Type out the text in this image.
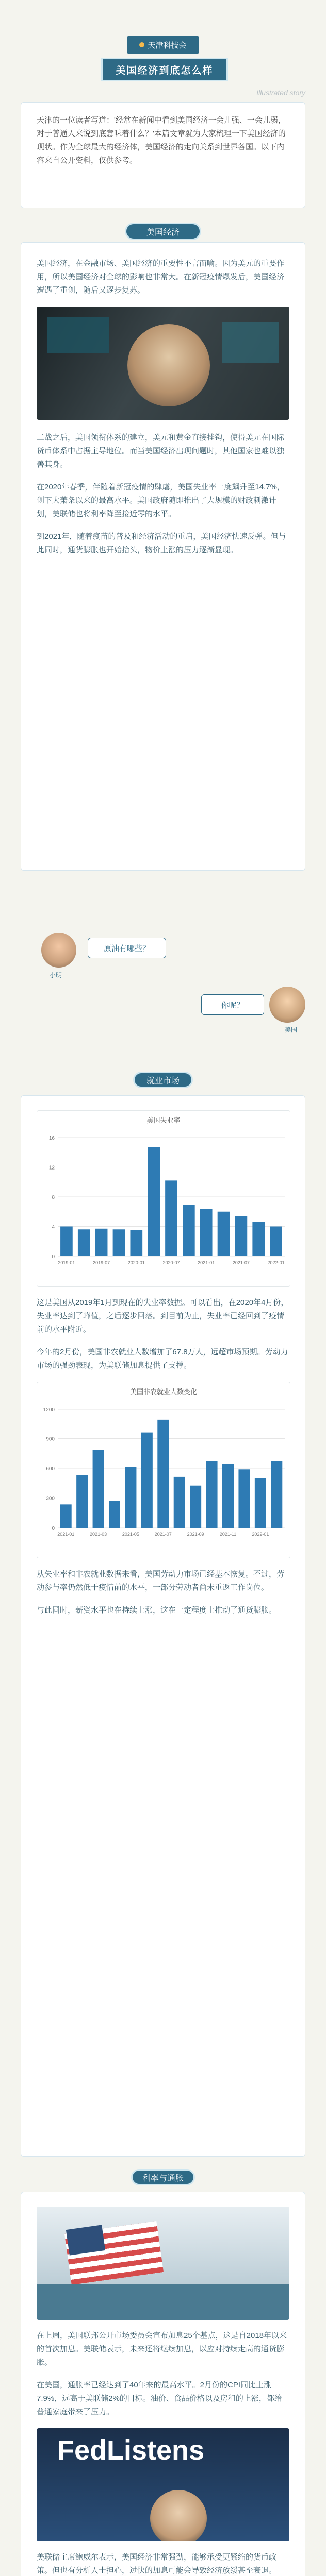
天津科技会
美国经济到底怎么样
Illustrated story
天津的一位读者写道：'经常在新闻中看到美国经济一会儿强、一会儿弱，对于普通人来说到底意味着什么？'本篇文章就为大家梳理一下美国经济的现状。作为全球最大的经济体，美国经济的走向关系到世界各国。以下内容来自公开资料，仅供参考。
美国经济

美国经济，在金融市场、美国经济的重要性不言而喻。因为美元的重要作用，所以美国经济对全球的影响也非常大。在新冠疫情爆发后，美国经济遭遇了重创，随后又逐步复苏。

二战之后，美国领衔体系的建立，美元和黄金直接挂钩，使得美元在国际货币体系中占据主导地位。而当美国经济出现问题时，其他国家也难以独善其身。

在2020年春季，伴随着新冠疫情的肆虐，美国失业率一度飙升至14.7%，创下大萧条以来的最高水平。美国政府随即推出了大规模的财政刺激计划，美联储也将利率降至接近零的水平。

到2021年，随着疫苗的普及和经济活动的重启，美国经济快速反弹。但与此同时，通货膨胀也开始抬头，物价上涨的压力逐渐显现。

小明
原油有哪些？
你呢？
美国
就业市场
美国失业率
0
4
8
12
16
2019-01	2019-07	2020-01	2020-07	2021-01	2021-07	2022-01

这是美国从2019年1月到现在的失业率数据。可以看出，在2020年4月份，失业率达到了峰值，之后逐步回落。到目前为止，失业率已经回到了疫情前的水平附近。

今年的2月份，美国非农就业人数增加了67.8万人，远超市场预期。劳动力市场的强劲表现，为美联储加息提供了支撑。

美国非农就业人数变化
0
300
600
900
1200
2021-01	2021-03	2021-05	2021-07	2021-09	2021-11	2022-01

从失业率和非农就业数据来看，美国劳动力市场已经基本恢复。不过，劳动参与率仍然低于疫情前的水平，一部分劳动者尚未重返工作岗位。

与此同时，薪资水平也在持续上涨，这在一定程度上推动了通货膨胀。

利率与通胀

在上周，美国联邦公开市场委员会宣布加息25个基点，这是自2018年以来的首次加息。美联储表示，未来还将继续加息，以应对持续走高的通货膨胀。

在美国，通胀率已经达到了40年来的最高水平。2月份的CPI同比上涨7.9%，远高于美联储2%的目标。油价、食品价格以及房租的上涨，都给普通家庭带来了压力。

FedListens

美联储主席鲍威尔表示，美国经济非常强劲，能够承受更紧缩的货币政策。但也有分析人士担心，过快的加息可能会导致经济放缓甚至衰退。
